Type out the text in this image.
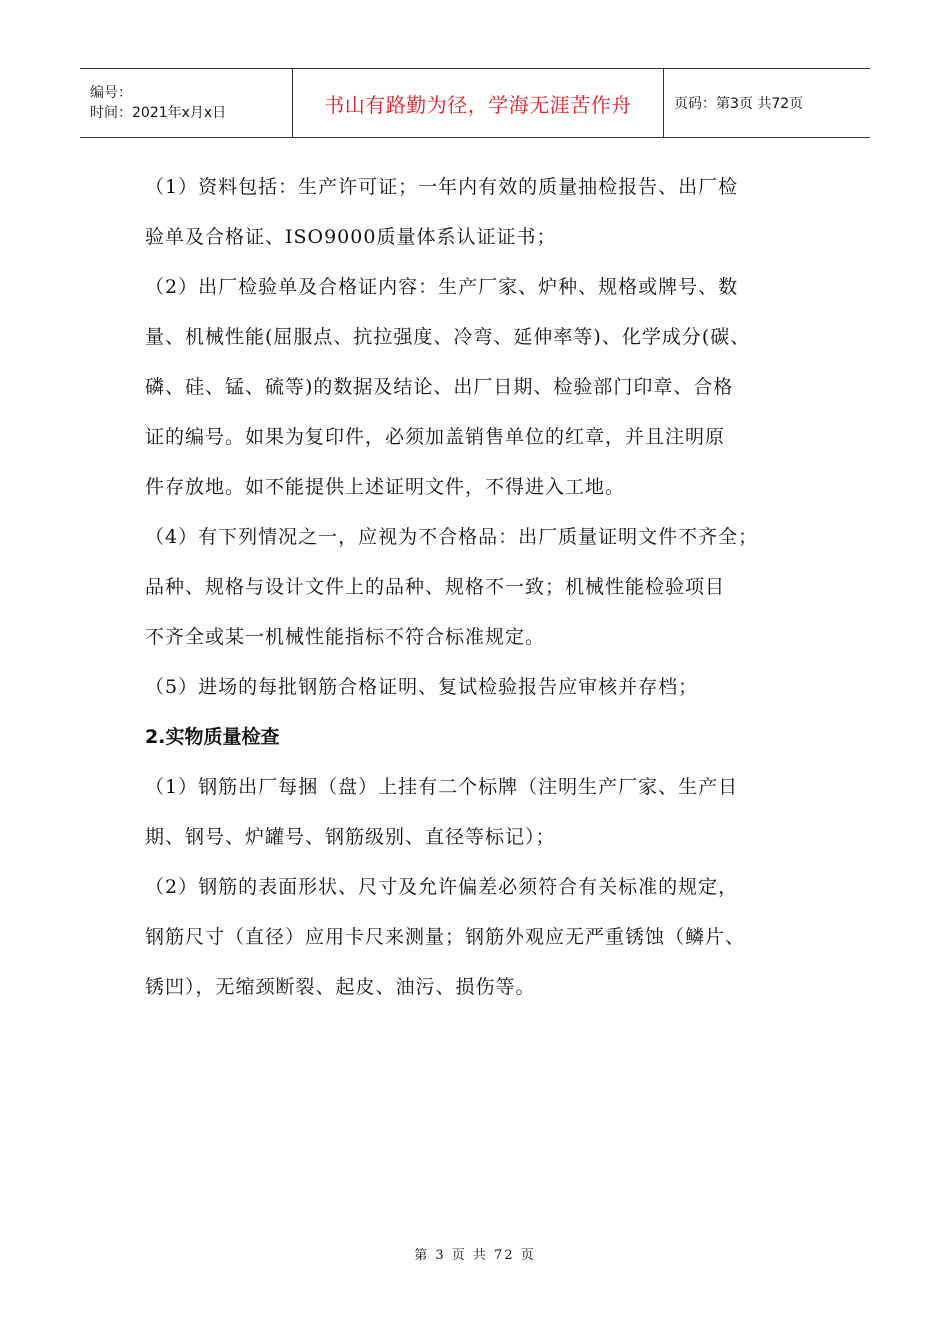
编号：
时间：2021年x月x日	书山有路勤为径，学海无涯苦作舟	页码：第3页 共72页
（1）资料包括：生产许可证；一年内有效的质量抽检报告、出厂检
验单及合格证、ISO9000质量体系认证证书；
（2）出厂检验单及合格证内容：生产厂家、炉种、规格或牌号、数
量、机械性能(屈服点、抗拉强度、冷弯、延伸率等)、化学成分(碳、
磷、硅、锰、硫等)的数据及结论、出厂日期、检验部门印章、合格
证的编号。如果为复印件，必须加盖销售单位的红章，并且注明原
件存放地。如不能提供上述证明文件，不得进入工地。
（4）有下列情况之一，应视为不合格品：出厂质量证明文件不齐全；
品种、规格与设计文件上的品种、规格不一致；机械性能检验项目
不齐全或某一机械性能指标不符合标准规定。
（5）进场的每批钢筋合格证明、复试检验报告应审核并存档；
2.实物质量检查
（1）钢筋出厂每捆（盘）上挂有二个标牌（注明生产厂家、生产日
期、钢号、炉罐号、钢筋级别、直径等标记）；
（2）钢筋的表面形状、尺寸及允许偏差必须符合有关标准的规定，
钢筋尺寸（直径）应用卡尺来测量；钢筋外观应无严重锈蚀（鳞片、
锈凹），无缩颈断裂、起皮、油污、损伤等。
第 3 页 共 72 页
